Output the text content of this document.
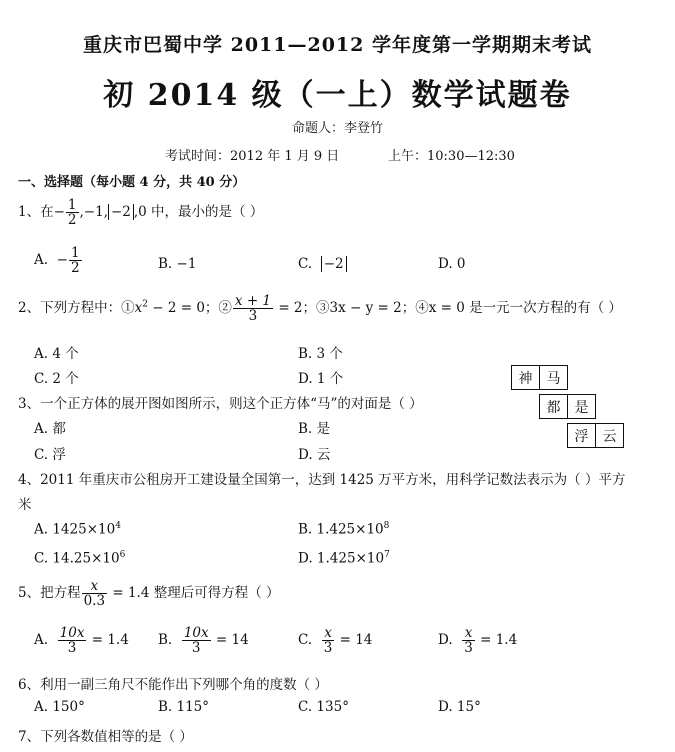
重庆市巴蜀中学 2011—2012 学年度第一学期期末考试
初 2014 级（一上）数学试题卷
命题人：李登竹
考试时间：2012 年 1 月 9 日	上午：10:30—12:30
一、选择题（每小题 4 分，共 40 分）
1、在− $\frac{1}{2} ,-1$, −2 ,0 中，最小的是（ ）
A. − $\frac{1}{2}$	B. −1	C. −2	D. 0
2、下列方程中：$①x^2 - 2 = 0$；② $\frac{x + 1}{3} = 2$；③3x − y = 2；④x = 0 是一元一次方程的有（ ）
A. 4 个	B. 3 个
C. 2 个	D. 1 个	神	马
都	是
浮	云
3、一个正方体的展开图如图所示，则这个正方体“马”的对面是（ ）
A. 都	B. 是
C. 浮	D. 云
4、2011 年重庆市公租房开工建设量全国第一，达到 1425 万平方米，用科学记数法表示为（ ）平方
米
A. $1425\times 10^4$	B. $1.425\times 10^8$
C. $14.25\times 10^6$	D. $1.425\times 10^7$
5、把方程 $\frac{x}{0.3} = 1.4$ 整理后可得方程（ ）
A. $\frac{10x}{3} = 1.4$ B. $\frac{10x}{3} = 14$	C. $\frac{x}{3} = 14$	D. $\frac{x}{3} = 1.4$
6、利用一副三角尺不能作出下列哪个角的度数（ ）
A. 150°	B. 115°	C. 135°	D. 15°
7、下列各数值相等的是（ ）
